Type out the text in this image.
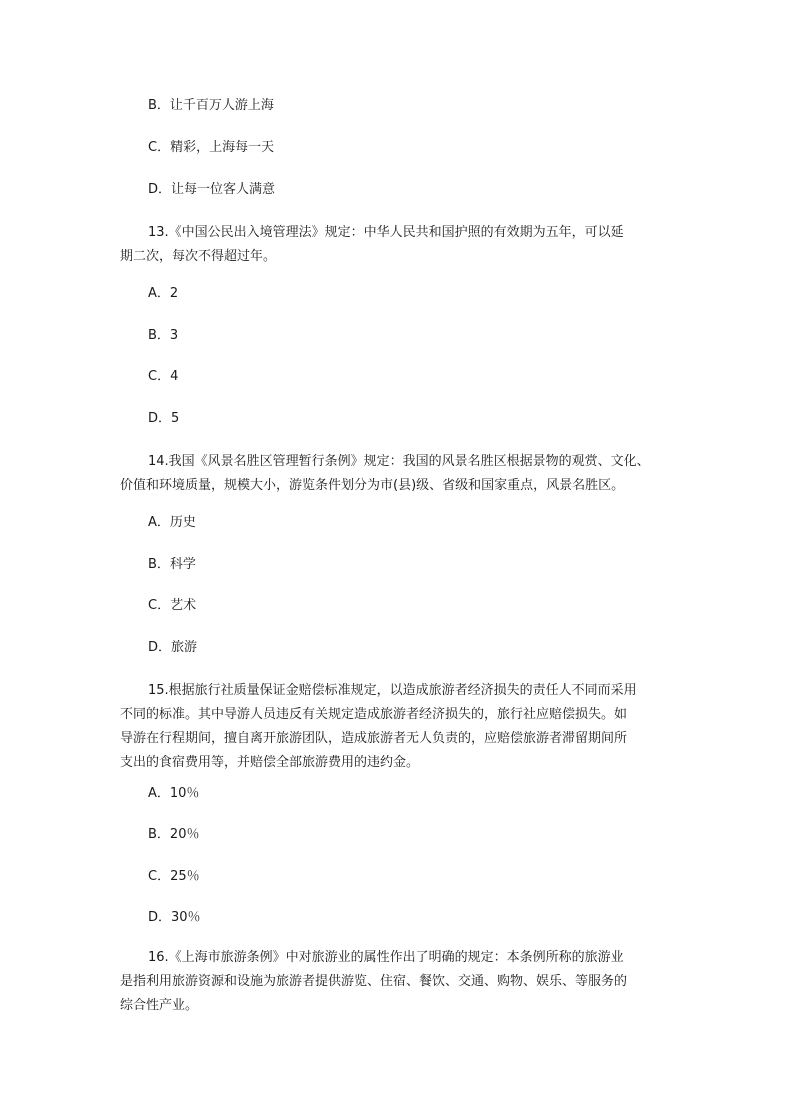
B．让千百万人游上海
C．精彩，上海每一天
D．让每一位客人满意
13.《中国公民出入境管理法》规定：中华人民共和国护照的有效期为五年，可以延
期二次，每次不得超过年。
A．2
B．3
C．4
D．5
14.我国《风景名胜区管理暂行条例》规定：我国的风景名胜区根据景物的观赏、文化、
价值和环境质量，规模大小，游览条件划分为市(县)级、省级和国家重点，风景名胜区。
A．历史
B．科学
C．艺术
D．旅游
15.根据旅行社质量保证金赔偿标准规定，以造成旅游者经济损失的责任人不同而采用
不同的标准。其中导游人员违反有关规定造成旅游者经济损失的，旅行社应赔偿损失。如
导游在行程期间，擅自离开旅游团队，造成旅游者无人负责的，应赔偿旅游者滞留期间所
支出的食宿费用等，并赔偿全部旅游费用的违约金。
A．10％
B．20％
C．25％
D．30％
16.《上海市旅游条例》中对旅游业的属性作出了明确的规定：本条例所称的旅游业
是指利用旅游资源和设施为旅游者提供游览、住宿、餐饮、交通、购物、娱乐、等服务的
综合性产业。
